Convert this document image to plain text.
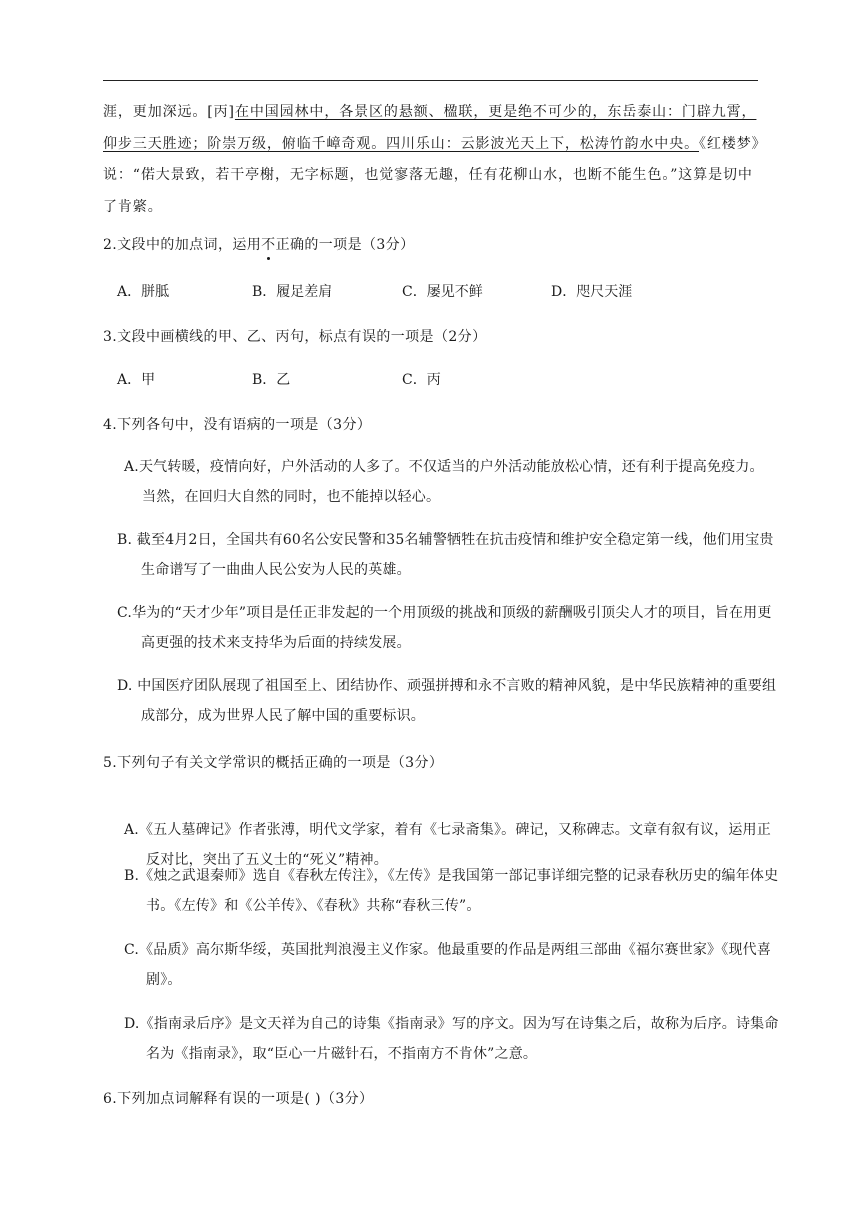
涯，更加深远。[丙]在中国园林中，各景区的悬额、楹联，更是绝不可少的，东岳泰山：门辟九霄，仰步三天胜迹；阶崇万级，俯临千嶂奇观。四川乐山：云影波光天上下，松涛竹韵水中央。《红楼梦》说：“偌大景致，若干亭榭，无字标题，也觉寥落无趣，任有花柳山水，也断不能生色。”这算是切中了肯綮。
2.文段中的加点词，运用不
正确的一项是（3分）
A．胼胝	B．履足差肩	C．屡见不鲜	D．咫尺天涯
3.文段中画横线的甲、乙、丙句，标点有误的一项是（2分）
A．甲	B．乙	C．丙
4.下列各句中，没有语病的一项是（3分）
A.天气转暖，疫情向好，户外活动的人多了。不仅适当的户外活动能放松心情，还有利于提高免疫力。当然，在回归大自然的同时，也不能掉以轻心。
B. 截至4月2日，全国共有60名公安民警和35名辅警牺牲在抗击疫情和维护安全稳定第一线，他们用宝贵生命谱写了一曲曲人民公安为人民的英雄。
C.华为的“天才少年”项目是任正非发起的一个用顶级的挑战和顶级的薪酬吸引顶尖人才的项目，旨在用更高更强的技术来支持华为后面的持续发展。
D. 中国医疗团队展现了祖国至上、团结协作、顽强拼搏和永不言败的精神风貌，是中华民族精神的重要组成部分，成为世界人民了解中国的重要标识。
5.下列句子有关文学常识的概括正确的一项是（3分）
A.《五人墓碑记》作者张溥，明代文学家，着有《七录斋集》。碑记，又称碑志。文章有叙有议，运用正反对比，突出了五义士的“死义”精神。
B.《烛之武退秦师》选自《春秋左传注》，《左传》是我国第一部记事详细完整的记录春秋历史的编年体史书。《左传》和《公羊传》、《春秋》共称“春秋三传”。
C.《品质》高尔斯华绥，英国批判浪漫主义作家。他最重要的作品是两组三部曲《福尔赛世家》《现代喜剧》。
D.《指南录后序》是文天祥为自己的诗集《指南录》写的序文。因为写在诗集之后，故称为后序。诗集命名为《指南录》，取“臣心一片磁针石，不指南方不肯休”之意。
6.下列加点词解释有误的一项是( )（3分）
